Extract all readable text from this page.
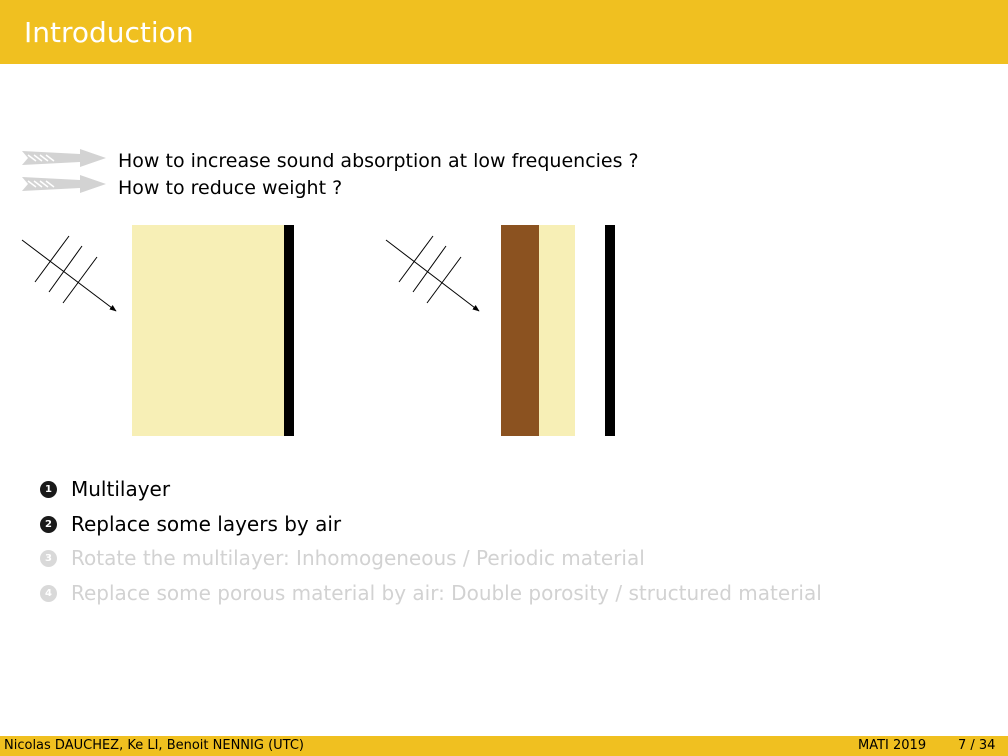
Introduction
How to increase sound absorption at low frequencies ?
How to reduce weight ?
1 Multilayer
2 Replace some layers by air
3 Rotate the multilayer: Inhomogeneous / Periodic material
4 Replace some porous material by air: Double porosity / structured material
Nicolas DAUCHEZ, Ke LI, Benoit NENNIG (UTC)	MATI 2019 7 / 34
